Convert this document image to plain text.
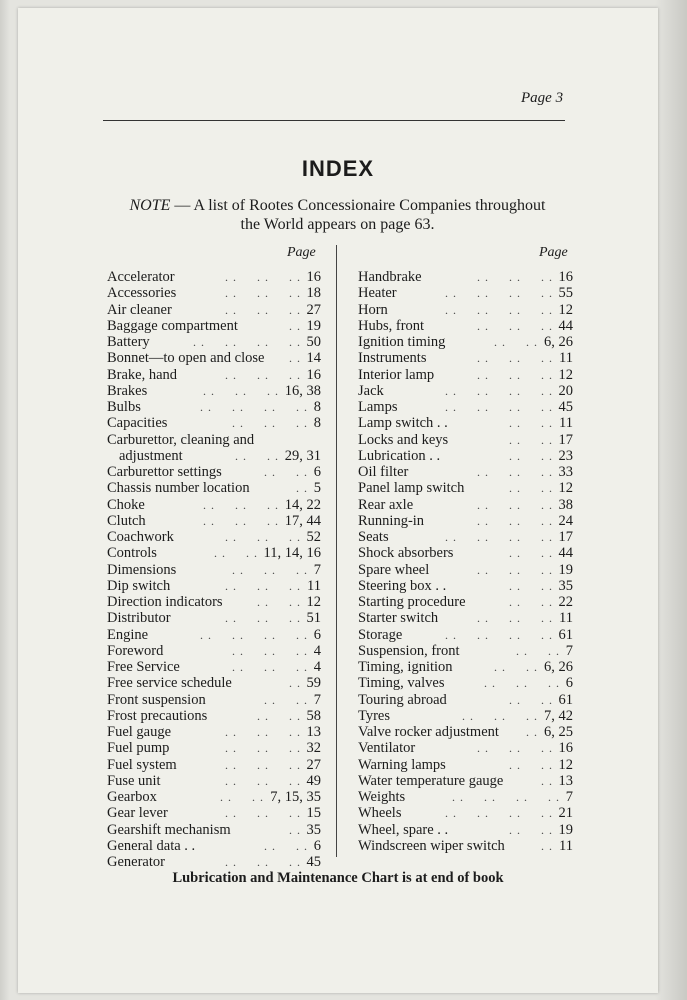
Page 3
INDEX
NOTE — A list of Rootes Concessionaire Companies throughout
the World appears on page 63.
Page	Page
Accelerator	16
. .     . .     . .
Accessories	18
. .     . .     . .
Air cleaner	27
. .     . .     . .
Baggage compartment	19
. .
Battery	50
. .     . .     . .     . .
Bonnet—to open and close	14
. .
Brake, hand	16
. .     . .     . .
Brakes	16, 38
. .     . .     . .
Bulbs	8
. .     . .     . .     . .
Capacities	8
. .     . .     . .
Carburettor, cleaning and
adjustment	29, 31
. .     . .
Carburettor settings	6
. .     . .
Chassis number location	5
. .
Choke	14, 22
. .     . .     . .
Clutch	17, 44
. .     . .     . .
Coachwork	52
. .     . .     . .
Controls	11, 14, 16
. .     . .
Dimensions	7
. .     . .     . .
Dip switch	11
. .     . .     . .
Direction indicators	12
. .     . .
Distributor	51
. .     . .     . .
Engine	6
. .     . .     . .     . .
Foreword	4
. .     . .     . .
Free Service	4
. .     . .     . .
Free service schedule	59
. .
Front suspension	7
. .     . .
Frost precautions	58
. .     . .
Fuel gauge	13
. .     . .     . .
Fuel pump	32
. .     . .     . .
Fuel system	27
. .     . .     . .
Fuse unit	49
. .     . .     . .
Gearbox	7, 15, 35
. .     . .
Gear lever	15
. .     . .     . .
Gearshift mechanism	35
. .
General data . .	6
. .     . .
Generator	45
. .     . .     . .
Handbrake	16
. .     . .     . .
Heater	55
. .     . .     . .     . .
Horn	12
. .     . .     . .     . .
Hubs, front	44
. .     . .     . .
Ignition timing	6, 26
. .     . .
Instruments	11
. .     . .     . .
Interior lamp	12
. .     . .     . .
Jack	20
. .     . .     . .     . .
Lamps	45
. .     . .     . .     . .
Lamp switch . .	11
. .     . .
Locks and keys	17
. .     . .
Lubrication . .	23
. .     . .
Oil filter	33
. .     . .     . .
Panel lamp switch	12
. .     . .
Rear axle	38
. .     . .     . .
Running-in	24
. .     . .     . .
Seats	17
. .     . .     . .     . .
Shock absorbers	44
. .     . .
Spare wheel	19
. .     . .     . .
Steering box . .	35
. .     . .
Starting procedure	22
. .     . .
Starter switch	11
. .     . .     . .
Storage	61
. .     . .     . .     . .
Suspension, front	7
. .     . .
Timing, ignition	6, 26
. .     . .
Timing, valves	6
. .     . .     . .
Touring abroad	61
. .     . .
Tyres	7, 42
. .     . .     . .
Valve rocker adjustment	6, 25
. .
Ventilator	16
. .     . .     . .
Warning lamps	12
. .     . .
Water temperature gauge	13
. .
Weights	7
. .     . .     . .     . .
Wheels	21
. .     . .     . .     . .
Wheel, spare . .	19
. .     . .
Windscreen wiper switch	11
. .
Lubrication and Maintenance Chart is at end of book
